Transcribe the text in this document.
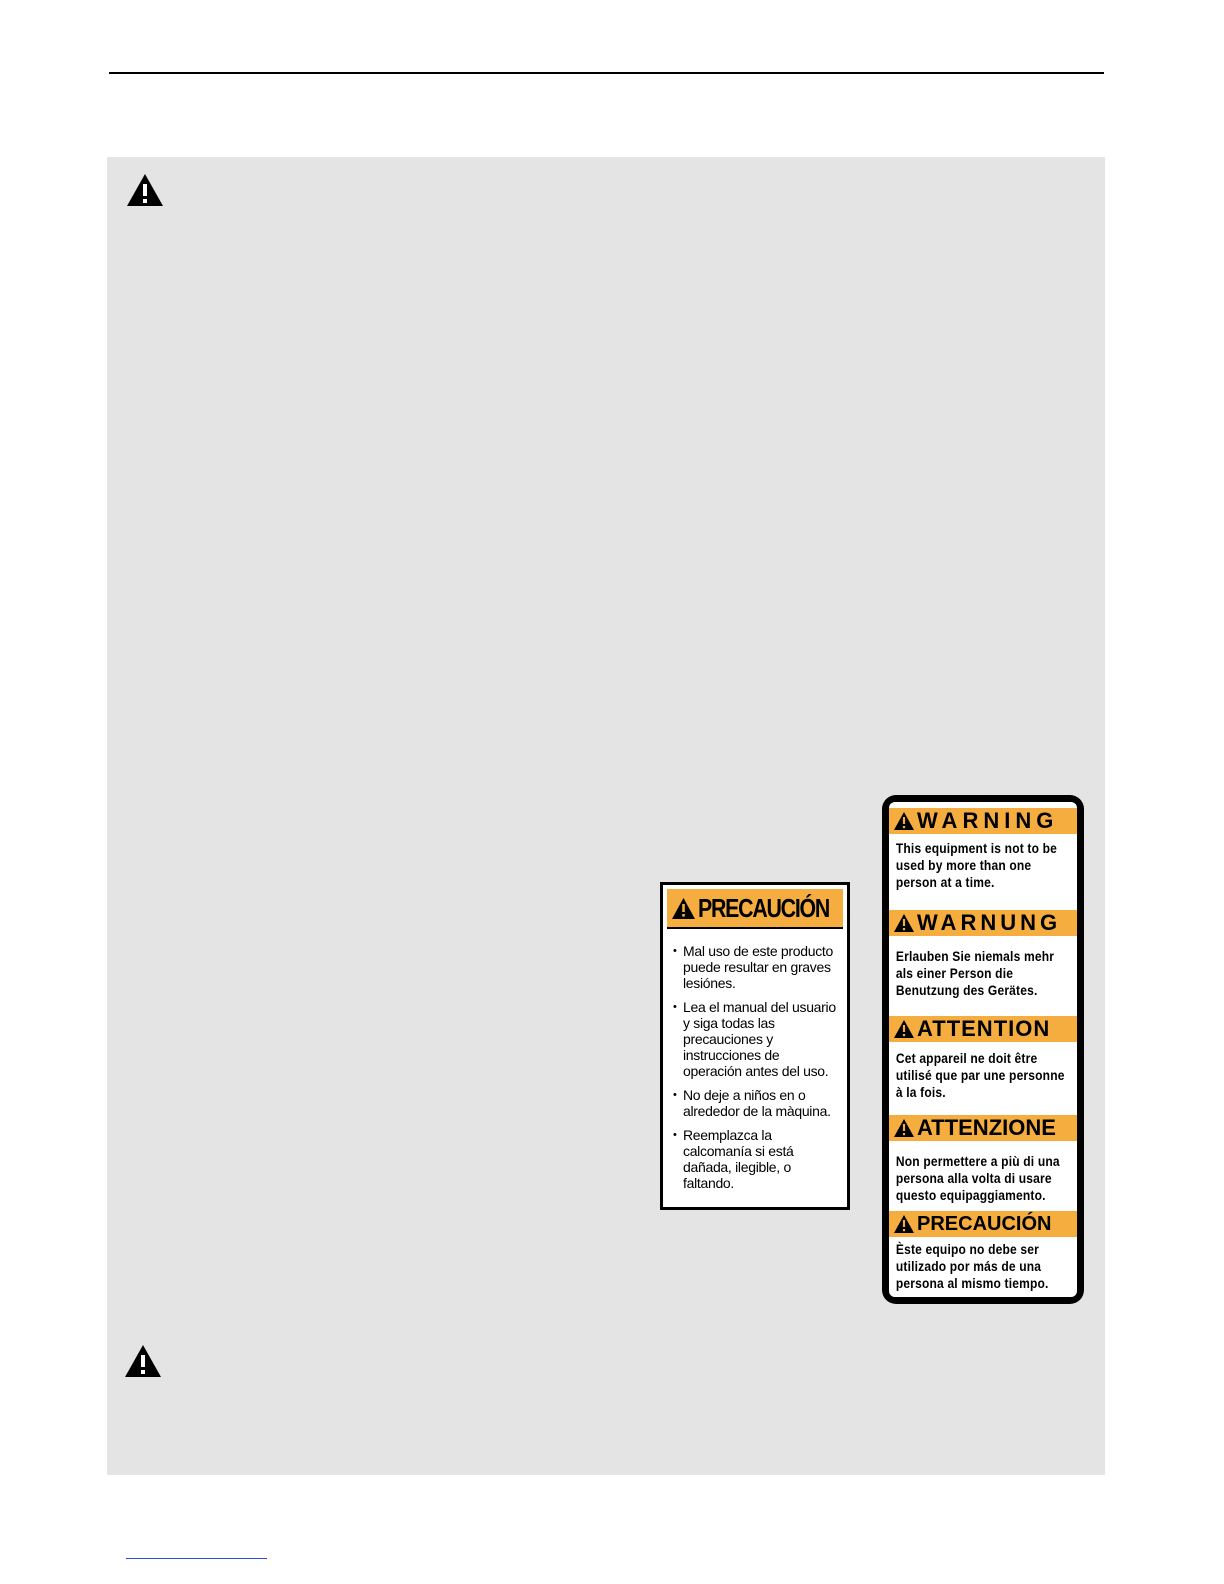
PRECAUCIÓN
• Mal uso de este producto puede resultar en graves lesiónes.
• Lea el manual del usuario y siga todas las precauciones y instrucciones de operación antes del uso.
• No deje a niños en o alrededor de la màquina.
• Reemplazca la calcomanía si está dañada, ilegible, o faltando.
WARNING
This equipment is not to be used by more than one person at a time.
WARNUNG
Erlauben Sie niemals mehr als einer Person die Benutzung des Gerätes.
ATTENTION
Cet appareil ne doit être utilisé que par une personne à la fois.
ATTENZIONE
Non permettere a più di una persona alla volta di usare questo equipaggiamento.
PRECAUCIÓN
Èste equipo no debe ser utilizado por más de una persona al mismo tiempo.
